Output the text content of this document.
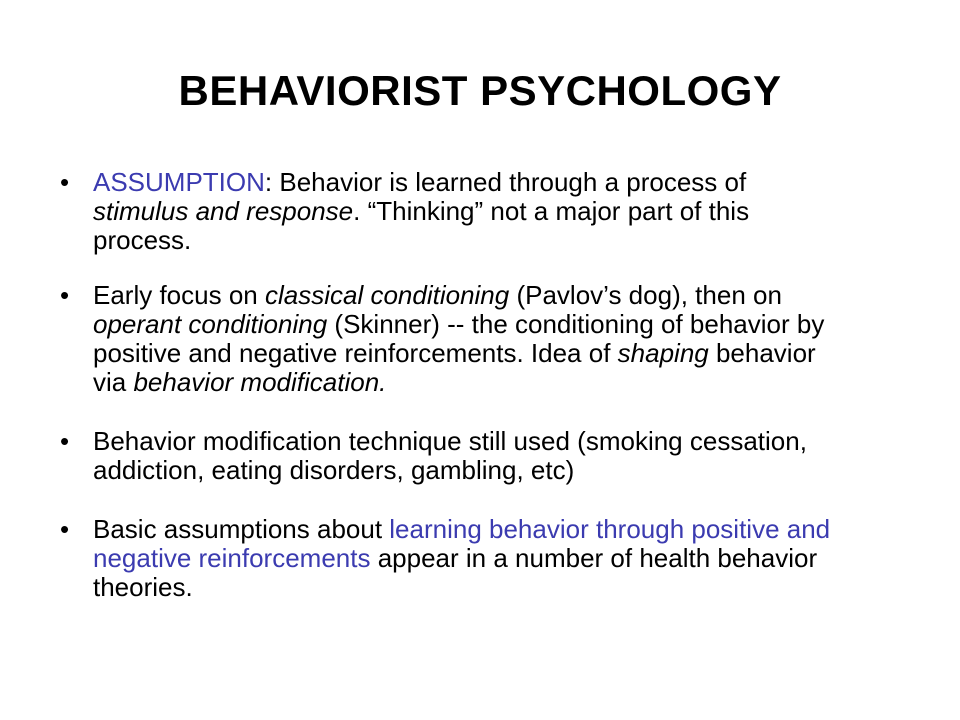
BEHAVIORIST PSYCHOLOGY
• ASSUMPTION: Behavior is learned through a process of stimulus and response. “Thinking” not a major part of this process.
• Early focus on classical conditioning (Pavlov’s dog), then on operant conditioning (Skinner) -- the conditioning of behavior by positive and negative reinforcements. Idea of shaping behavior via behavior modification.
• Behavior modification technique still used (smoking cessation, addiction, eating disorders, gambling, etc)
• Basic assumptions about learning behavior through positive and negative reinforcements appear in a number of health behavior theories.
